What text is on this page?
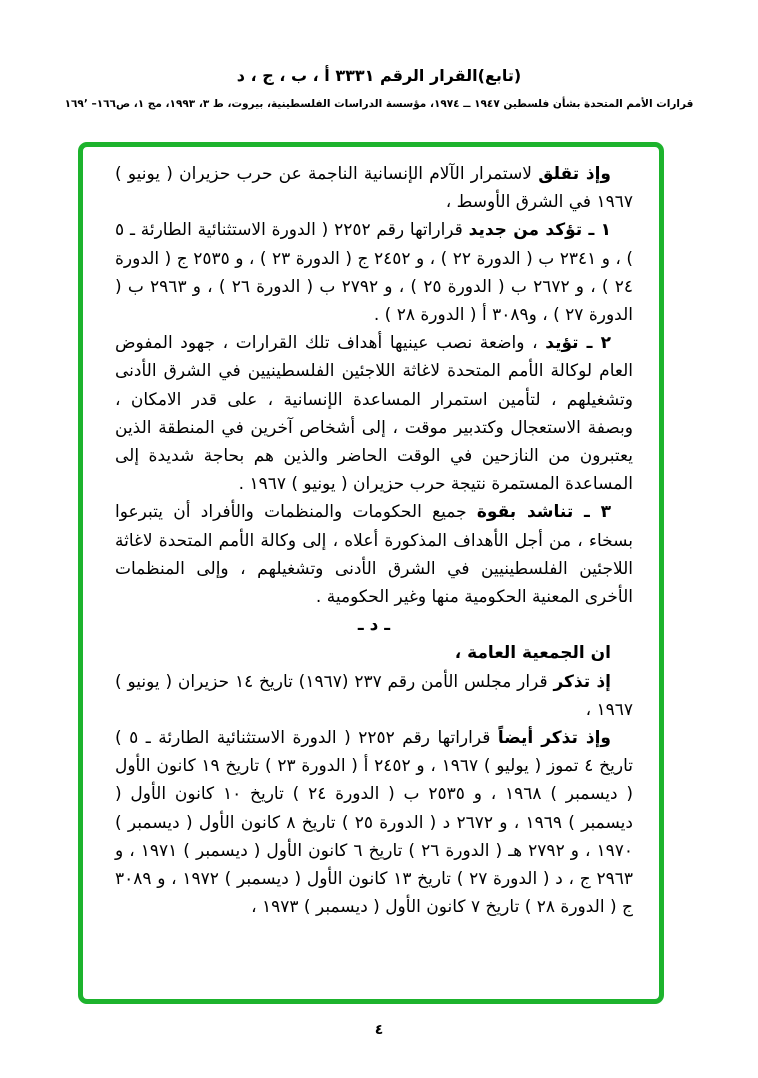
(تابع)القرار الرقم ٣٣٣١ أ ، ب ، ج ، د
قرارات الأمم المتحدة بشأن فلسطين ١٩٤٧ ــ ١٩٧٤، مؤسسة الدراسات الفلسطينية، بيروت، ط ٣، ١٩٩٣، مج ١، ص١٦٦– ١٦٩ʼ

وإذ تقلق لاستمرار الآلام الإنسانية الناجمة عن حرب حزيران ( يونيو ) ١٩٦٧ في الشرق الأوسط ،

١ ـ تؤكد من جديد قراراتها رقم ٢٢٥٢ ( الدورة الاستثنائية الطارئة ـ ٥ ) ، و ٢٣٤١ ب ( الدورة ٢٢ ) ، و ٢٤٥٢ ج ( الدورة ٢٣ ) ، و ٢٥٣٥ ج ( الدورة ٢٤ ) ، و ٢٦٧٢ ب ( الدورة ٢٥ ) ، و ٢٧٩٢ ب ( الدورة ٢٦ ) ، و ٢٩٦٣ ب ( الدورة ٢٧ ) ، و٣٠٨٩ أ ( الدورة ٢٨ ) .

٢ ـ تؤيد ، واضعة نصب عينيها أهداف تلك القرارات ، جهود المفوض العام لوكالة الأمم المتحدة لاغاثة اللاجئين الفلسطينيين في الشرق الأدنى وتشغيلهم ، لتأمين استمرار المساعدة الإنسانية ، على قدر الامكان ، وبصفة الاستعجال وكتدبير موقت ، إلى أشخاص آخرين في المنطقة الذين يعتبرون من النازحين في الوقت الحاضر والذين هم بحاجة شديدة إلى المساعدة المستمرة نتيجة حرب حزيران ( يونيو ) ١٩٦٧ .

٣ ـ تناشد بقوة جميع الحكومات والمنظمات والأفراد أن يتبرعوا بسخاء ، من أجل الأهداف المذكورة أعلاه ، إلى وكالة الأمم المتحدة لاغاثة اللاجئين الفلسطينيين في الشرق الأدنى وتشغيلهم ، وإلى المنظمات الأخرى المعنية الحكومية منها وغير الحكومية .

ـ د ـ

ان الجمعية العامة ،

إذ تذكر قرار مجلس الأمن رقم ٢٣٧ (١٩٦٧) تاريخ ١٤ حزيران ( يونيو ) ١٩٦٧ ،

وإذ تذكر أيضاً قراراتها رقم ٢٢٥٢ ( الدورة الاستثنائية الطارئة ـ ٥ ) تاريخ ٤ تموز ( يوليو ) ١٩٦٧ ، و ٢٤٥٢ أ ( الدورة ٢٣ ) تاريخ ١٩ كانون الأول ( ديسمبر ) ١٩٦٨ ، و ٢٥٣٥ ب ( الدورة ٢٤ ) تاريخ ١٠ كانون الأول ( ديسمبر ) ١٩٦٩ ، و ٢٦٧٢ د ( الدورة ٢٥ ) تاريخ ٨ كانون الأول ( ديسمبر ) ١٩٧٠ ، و ٢٧٩٢ هـ ( الدورة ٢٦ ) تاريخ ٦ كانون الأول ( ديسمبر ) ١٩٧١ ، و ٢٩٦٣ ج ، د ( الدورة ٢٧ ) تاريخ ١٣ كانون الأول ( ديسمبر ) ١٩٧٢ ، و ٣٠٨٩ ج ( الدورة ٢٨ ) تاريخ ٧ كانون الأول ( ديسمبر ) ١٩٧٣ ،

٤
